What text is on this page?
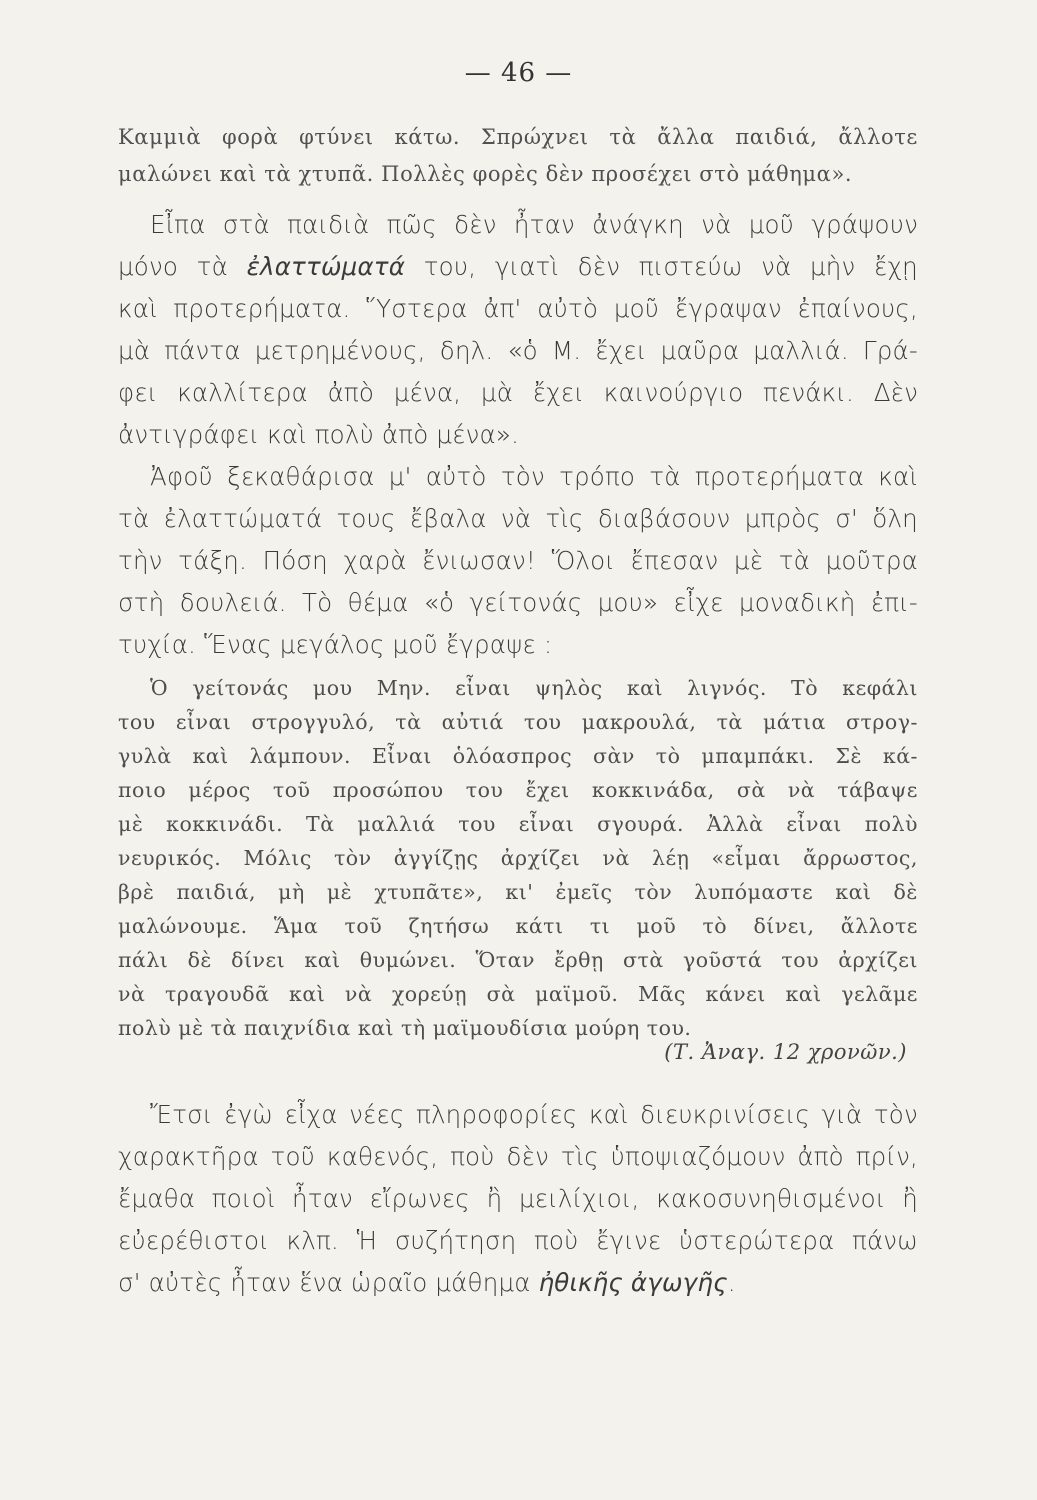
— 46 —
Καμμιὰ φορὰ φτύνει κάτω. Σπρώχνει τὰ ἄλλα παιδιά, ἄλλοτε
μαλώνει καὶ τὰ χτυπᾶ. Πολλὲς φορὲς δὲν προσέχει στὸ μάθημα».
Εἶπα στὰ παιδιὰ πῶς δὲν ἦταν ἀνάγκη νὰ μοῦ γράψουν
μόνο τὰ ἐλαττώματά του, γιατὶ δὲν πιστεύω νὰ μὴν ἔχῃ
καὶ προτερήματα. Ὕστερα ἀπ' αὐτὸ μοῦ ἔγραψαν ἐπαίνους,
μὰ πάντα μετρημένους, δηλ. «ὁ Μ. ἔχει μαῦρα μαλλιά. Γρά-
φει καλλίτερα ἀπὸ μένα, μὰ ἔχει καινούργιο πενάκι. Δὲν
ἀντιγράφει καὶ πολὺ ἀπὸ μένα».
Ἀφοῦ ξεκαθάρισα μ' αὐτὸ τὸν τρόπο τὰ προτερήματα καὶ
τὰ ἐλαττώματά τους ἔβαλα νὰ τὶς διαβάσουν μπρὸς σ' ὅλη
τὴν τάξη. Πόση χαρὰ ἔνιωσαν! Ὅλοι ἔπεσαν μὲ τὰ μοῦτρα
στὴ δουλειά. Τὸ θέμα «ὁ γείτονάς μου» εἶχε μοναδικὴ ἐπι-
τυχία. Ἕνας μεγάλος μοῦ ἔγραψε :
Ὁ γείτονάς μου Μην. εἶναι ψηλὸς καὶ λιγνός. Τὸ κεφάλι
του εἶναι στρογγυλό, τὰ αὐτιά του μακρουλά, τὰ μάτια στρογ-
γυλὰ καὶ λάμπουν. Εἶναι ὁλόασπρος σὰν τὸ μπαμπάκι. Σὲ κά-
ποιο μέρος τοῦ προσώπου του ἔχει κοκκινάδα, σὰ νὰ τάβαψε
μὲ κοκκινάδι. Τὰ μαλλιά του εἶναι σγουρά. Ἀλλὰ εἶναι πολὺ
νευρικός. Μόλις τὸν ἀγγίζῃς ἀρχίζει νὰ λέῃ «εἶμαι ἄρρωστος,
βρὲ παιδιά, μὴ μὲ χτυπᾶτε», κι' ἐμεῖς τὸν λυπόμαστε καὶ δὲ
μαλώνουμε. Ἅμα τοῦ ζητήσω κάτι τι μοῦ τὸ δίνει, ἄλλοτε
πάλι δὲ δίνει καὶ θυμώνει. Ὅταν ἔρθῃ στὰ γοῦστά του ἀρχίζει
νὰ τραγουδᾶ καὶ νὰ χορεύῃ σὰ μαϊμοῦ. Μᾶς κάνει καὶ γελᾶμε
πολὺ μὲ τὰ παιχνίδια καὶ τὴ μαϊμουδίσια μούρη του.
Ἔτσι ἐγὼ εἶχα νέες πληροφορίες καὶ διευκρινίσεις γιὰ τὸν
χαρακτῆρα τοῦ καθενός, ποὺ δὲν τὶς ὑποψιαζόμουν ἀπὸ πρίν,
ἔμαθα ποιοὶ ἦταν εἴρωνες ἢ μειλίχιοι, κακοσυνηθισμένοι ἢ
εὐερέθιστοι κλπ. Ἡ συζήτηση ποὺ ἔγινε ὑστερώτερα πάνω
σ' αὐτὲς ἦταν ἕνα ὡραῖο μάθημα ἠθικῆς ἀγωγῆς.
(Τ. Ἀναγ. 12 χρονῶν.)
